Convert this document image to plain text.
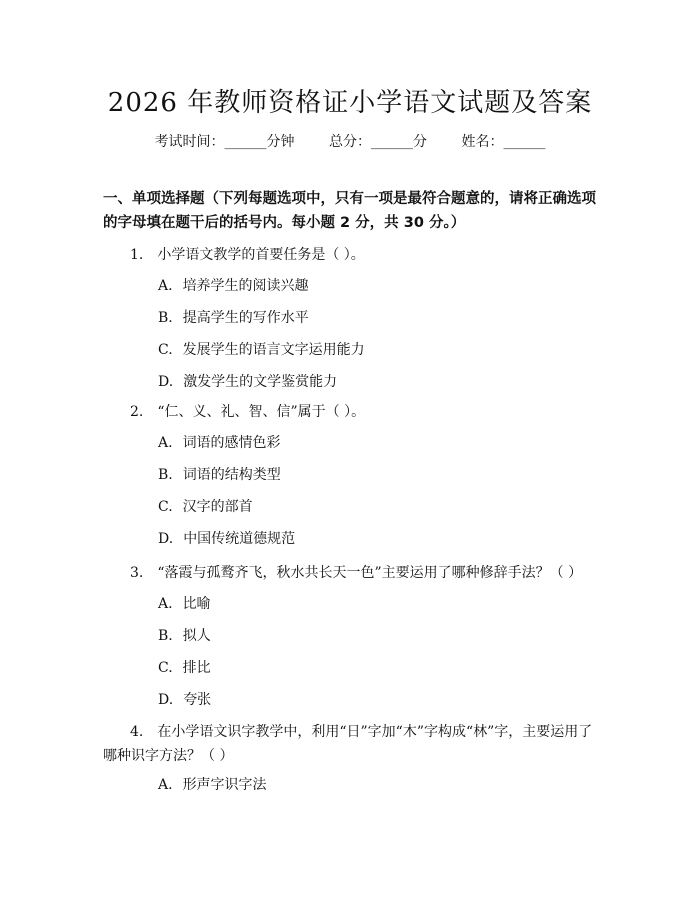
2026 年教师资格证小学语文试题及答案
考试时间：______分钟 总分：______分 姓名：______
一、单项选择题（下列每题选项中，只有一项是最符合题意的，请将正确选项的字母填在题干后的括号内。每小题 2 分，共 30 分。）
1. 小学语文教学的首要任务是（ ）。
A. 培养学生的阅读兴趣
B. 提高学生的写作水平
C. 发展学生的语言文字运用能力
D. 激发学生的文学鉴赏能力
2. “仁、义、礼、智、信”属于（ ）。
A. 词语的感情色彩
B. 词语的结构类型
C. 汉字的部首
D. 中国传统道德规范
3. “落霞与孤鹜齐飞，秋水共长天一色”主要运用了哪种修辞手法？（ ）
A. 比喻
B. 拟人
C. 排比
D. 夸张
4. 在小学语文识字教学中，利用“日”字加“木”字构成“林”字，主要运用了哪种识字方法？（ ）
A. 形声字识字法
